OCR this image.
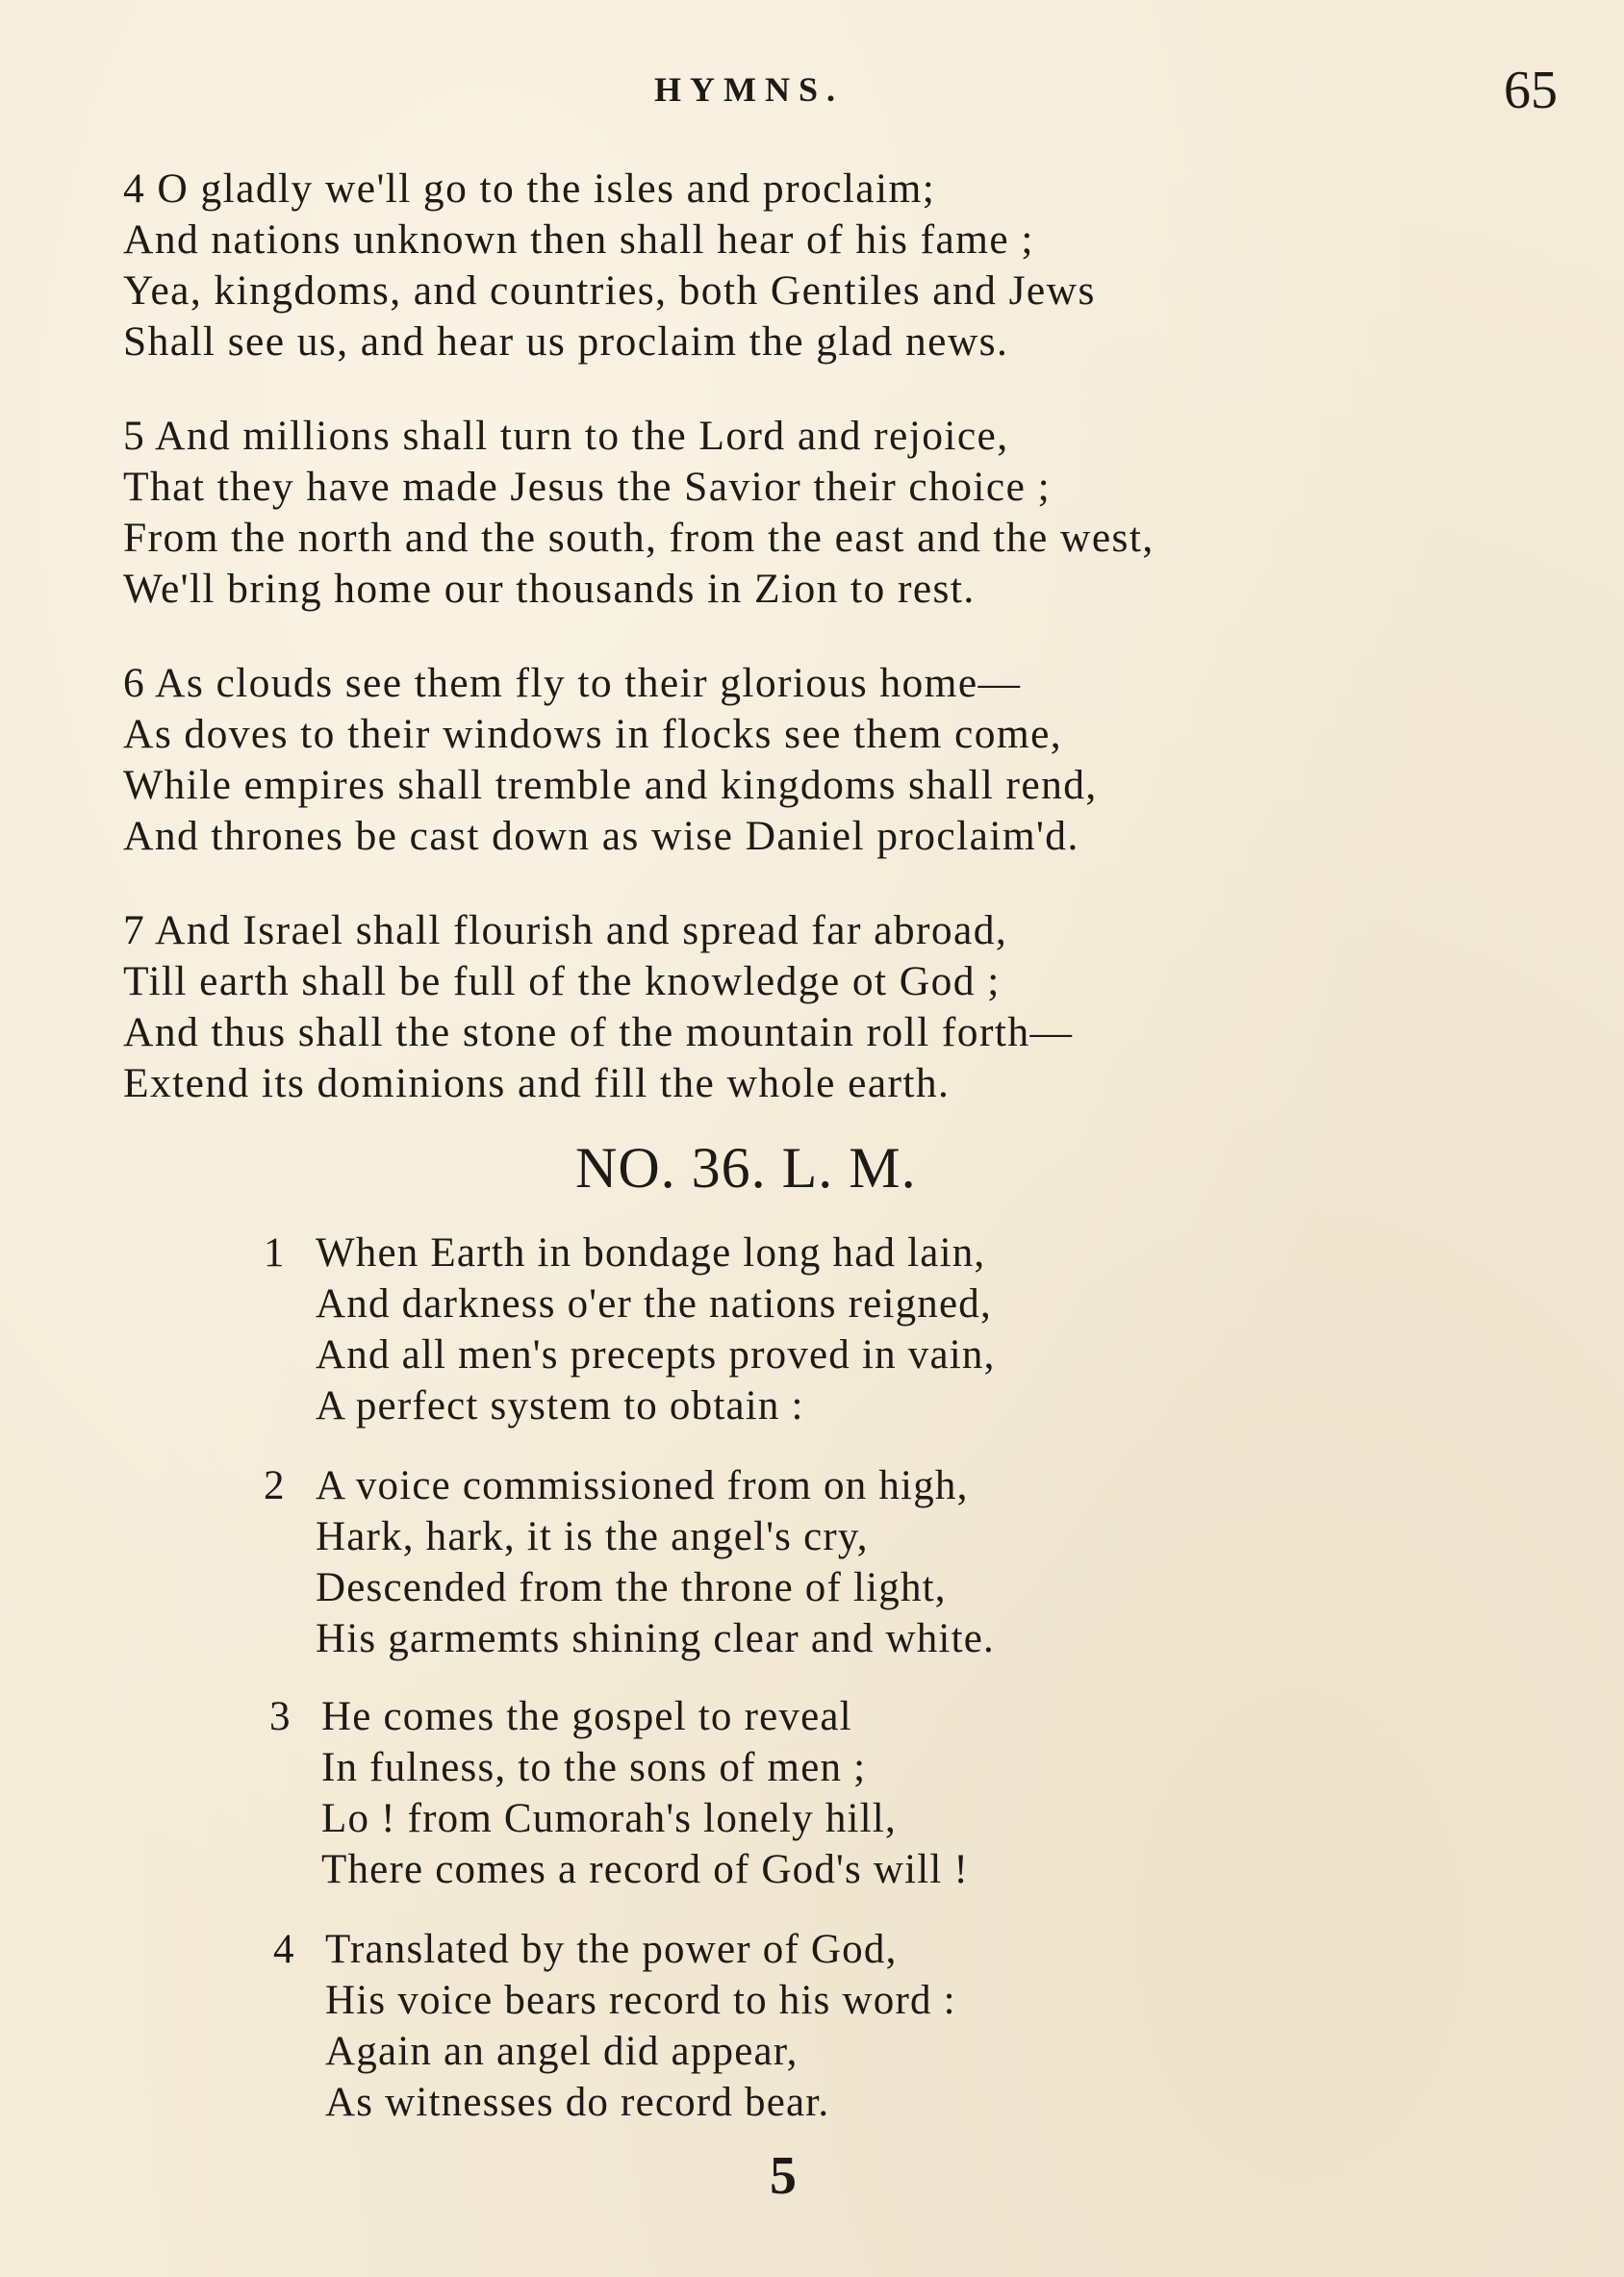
HYMNS.	65
4 O gladly we'll go to the isles and proclaim;
And nations unknown then shall hear of his fame ;
Yea, kingdoms, and countries, both Gentiles and Jews
Shall see us, and hear us proclaim the glad news.
5 And millions shall turn to the Lord and rejoice,
That they have made Jesus the Savior their choice ;
From the north and the south, from the east and the west,
We'll bring home our thousands in Zion to rest.
6 As clouds see them fly to their glorious home—
As doves to their windows in flocks see them come,
While empires shall tremble and kingdoms shall rend,
And thrones be cast down as wise Daniel proclaim'd.
7 And Israel shall flourish and spread far abroad,
Till earth shall be full of the knowledge ot God ;
And thus shall the stone of the mountain roll forth—
Extend its dominions and fill the whole earth.
NO. 36. L. M.
1 When Earth in bondage long had lain,
And darkness o'er the nations reigned,
And all men's precepts proved in vain,
A perfect system to obtain :
2 A voice commissioned from on high,
Hark, hark, it is the angel's cry,
Descended from the throne of light,
His garmemts shining clear and white.
3 He comes the gospel to reveal
In fulness, to the sons of men ;
Lo ! from Cumorah's lonely hill,
There comes a record of God's will !
4 Translated by the power of God,
His voice bears record to his word :
Again an angel did appear,
As witnesses do record bear.
5
